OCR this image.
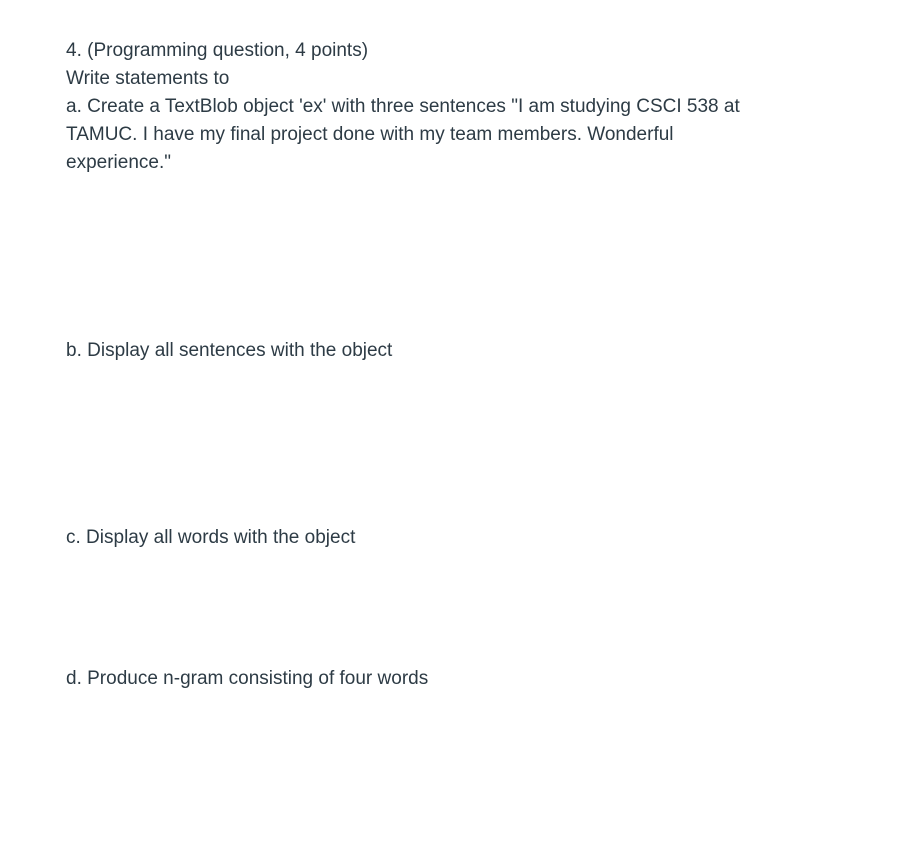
4. (Programming question, 4 points)

Write statements to

a. Create a TextBlob object 'ex' with three sentences "I am studying CSCI 538 at

TAMUC. I have my final project done with my team members. Wonderful

experience."

b. Display all sentences with the object

c. Display all words with the object

d. Produce n-gram consisting of four words
